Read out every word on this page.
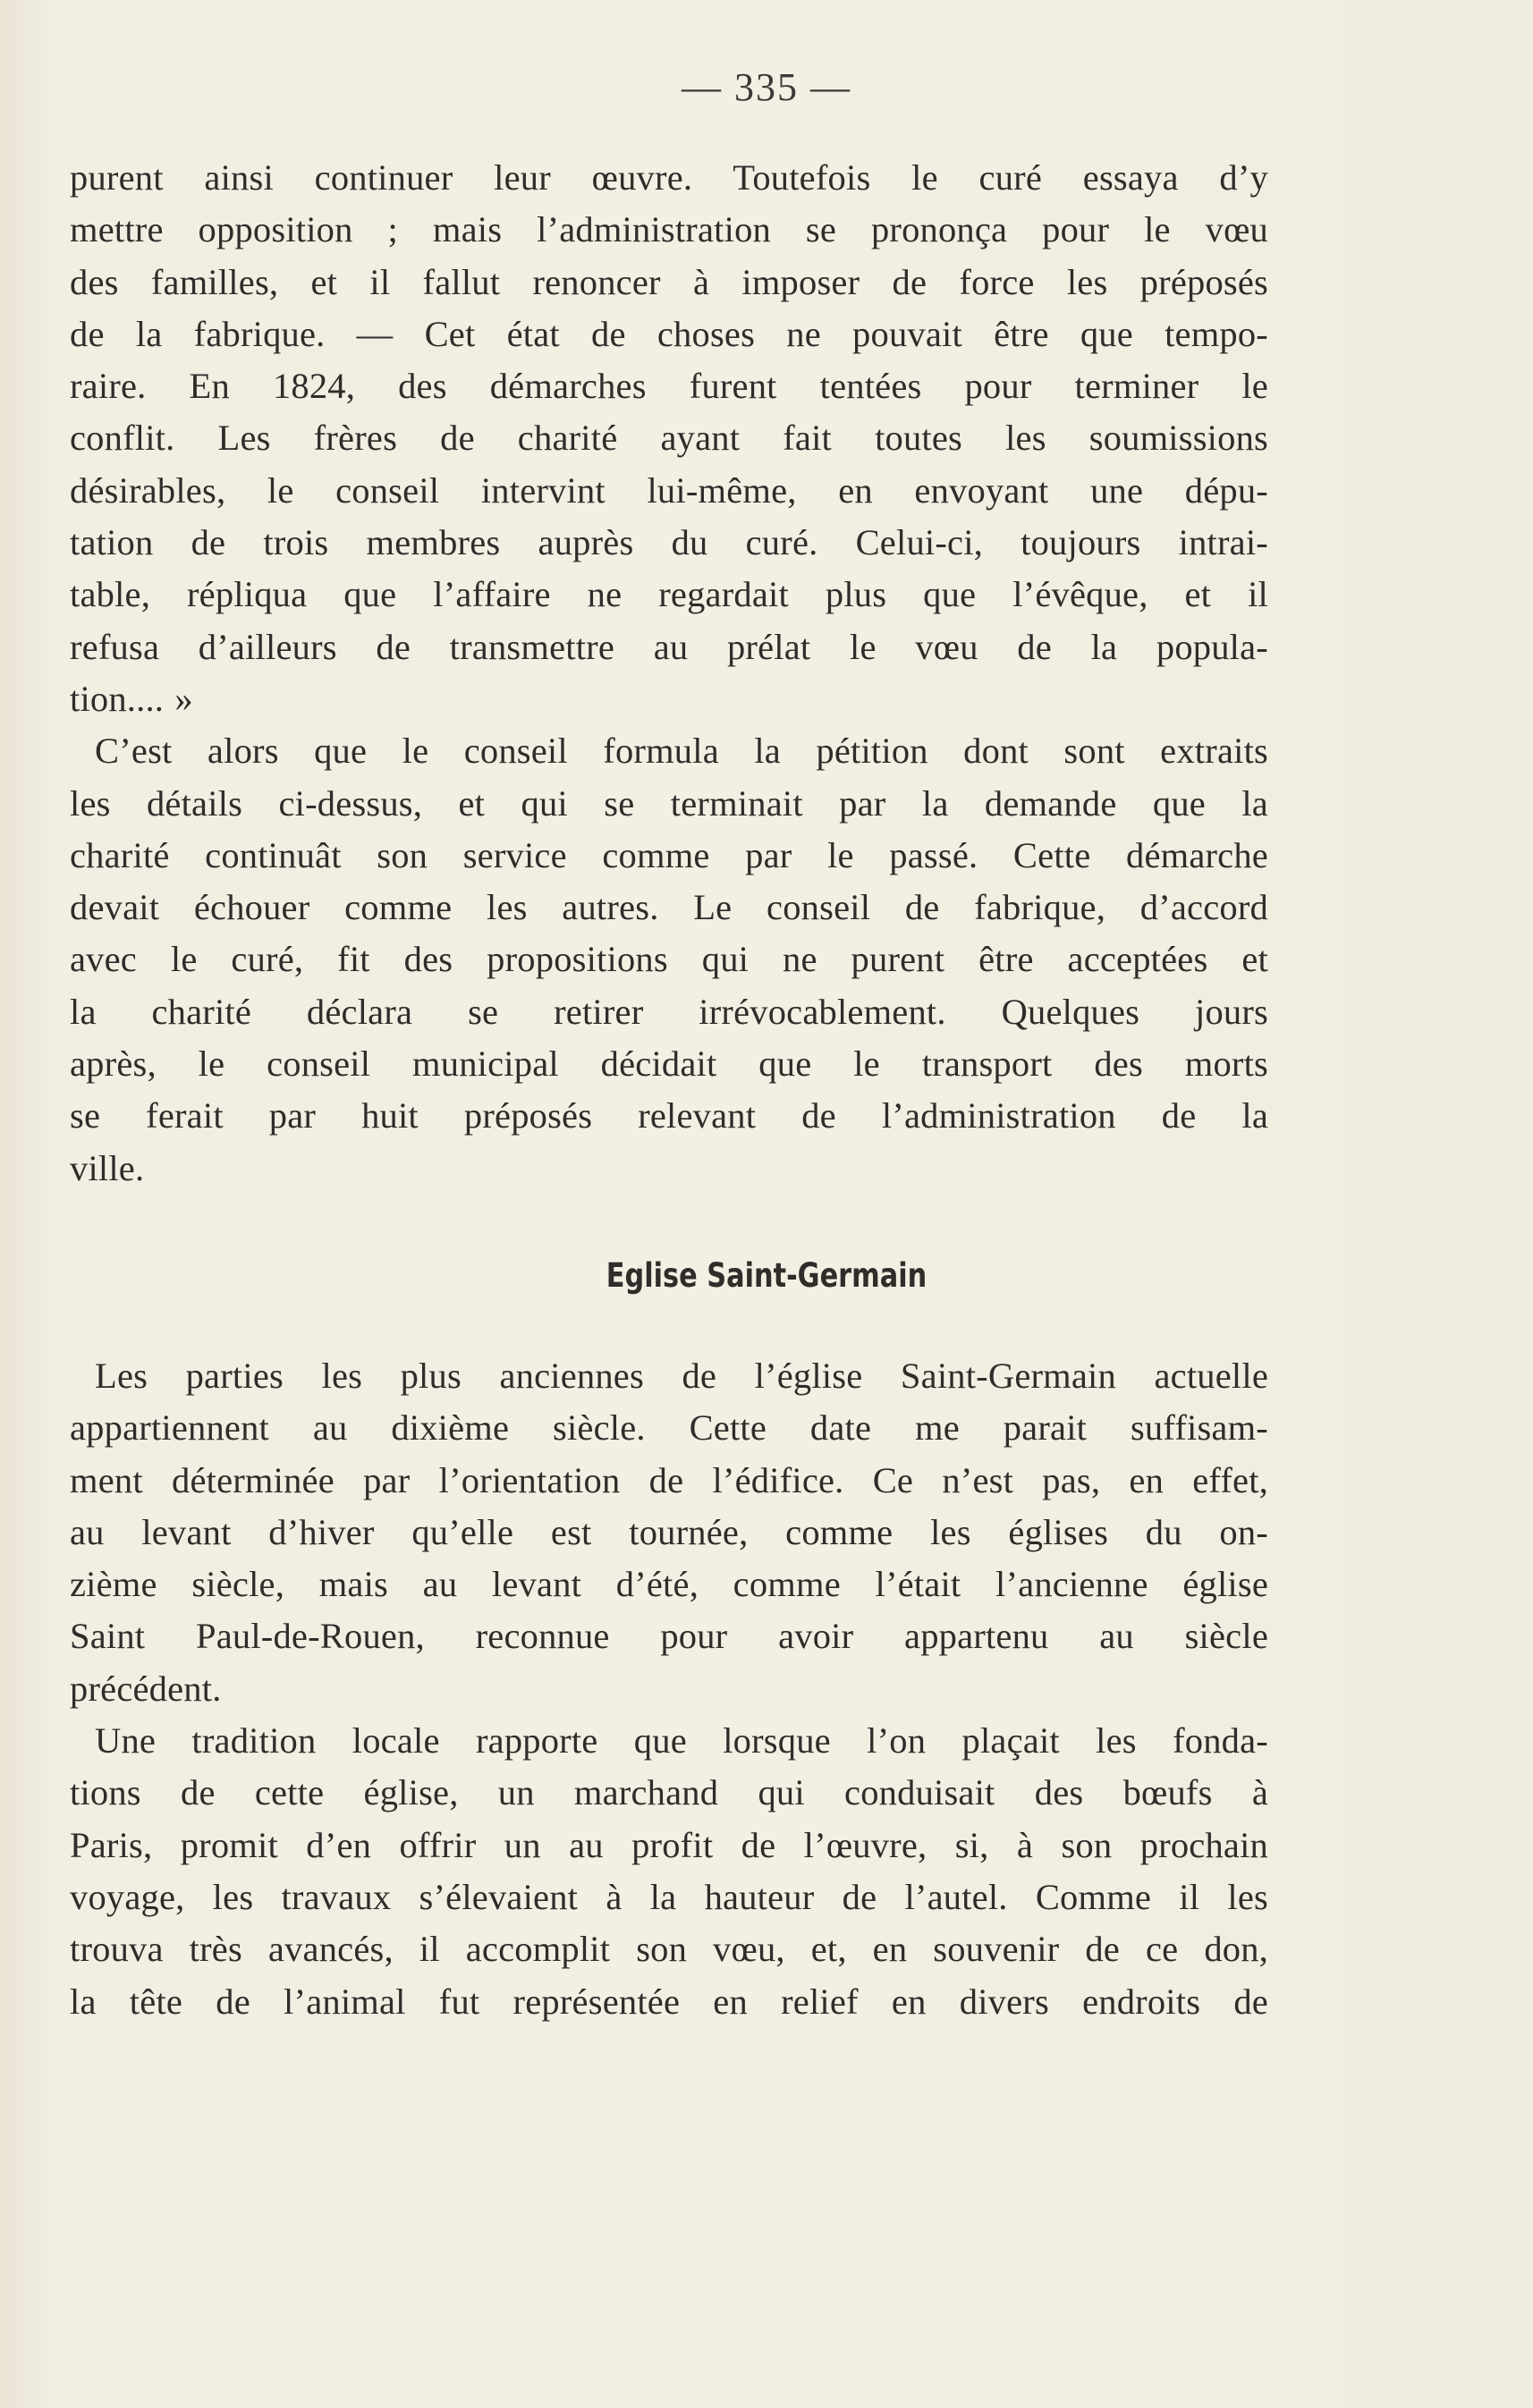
— 335 —
purent ainsi continuer leur œuvre. Toutefois le curé essaya d’y
mettre opposition ; mais l’administration se prononça pour le vœu
des familles, et il fallut renoncer à imposer de force les préposés
de la fabrique. — Cet état de choses ne pouvait être que tempo-
raire. En 1824, des démarches furent tentées pour terminer le
conflit. Les frères de charité ayant fait toutes les soumissions
désirables, le conseil intervint lui-même, en envoyant une dépu-
tation de trois membres auprès du curé. Celui-ci, toujours intrai-
table, répliqua que l’affaire ne regardait plus que l’évêque, et il
refusa d’ailleurs de transmettre au prélat le vœu de la popula-
tion.... »
C’est alors que le conseil formula la pétition dont sont extraits
les détails ci-dessus, et qui se terminait par la demande que la
charité continuât son service comme par le passé. Cette démarche
devait échouer comme les autres. Le conseil de fabrique, d’accord
avec le curé, fit des propositions qui ne purent être acceptées et
la charité déclara se retirer irrévocablement. Quelques jours
après, le conseil municipal décidait que le transport des morts
se ferait par huit préposés relevant de l’administration de la
ville.
Eglise Saint-Germain
Les parties les plus anciennes de l’église Saint-Germain actuelle
appartiennent au dixième siècle. Cette date me parait suffisam-
ment déterminée par l’orientation de l’édifice. Ce n’est pas, en effet,
au levant d’hiver qu’elle est tournée, comme les églises du on-
zième siècle, mais au levant d’été, comme l’était l’ancienne église
Saint Paul-de-Rouen, reconnue pour avoir appartenu au siècle
précédent.
Une tradition locale rapporte que lorsque l’on plaçait les fonda-
tions de cette église, un marchand qui conduisait des bœufs à
Paris, promit d’en offrir un au profit de l’œuvre, si, à son prochain
voyage, les travaux s’élevaient à la hauteur de l’autel. Comme il les
trouva très avancés, il accomplit son vœu, et, en souvenir de ce don,
la tête de l’animal fut représentée en relief en divers endroits de
